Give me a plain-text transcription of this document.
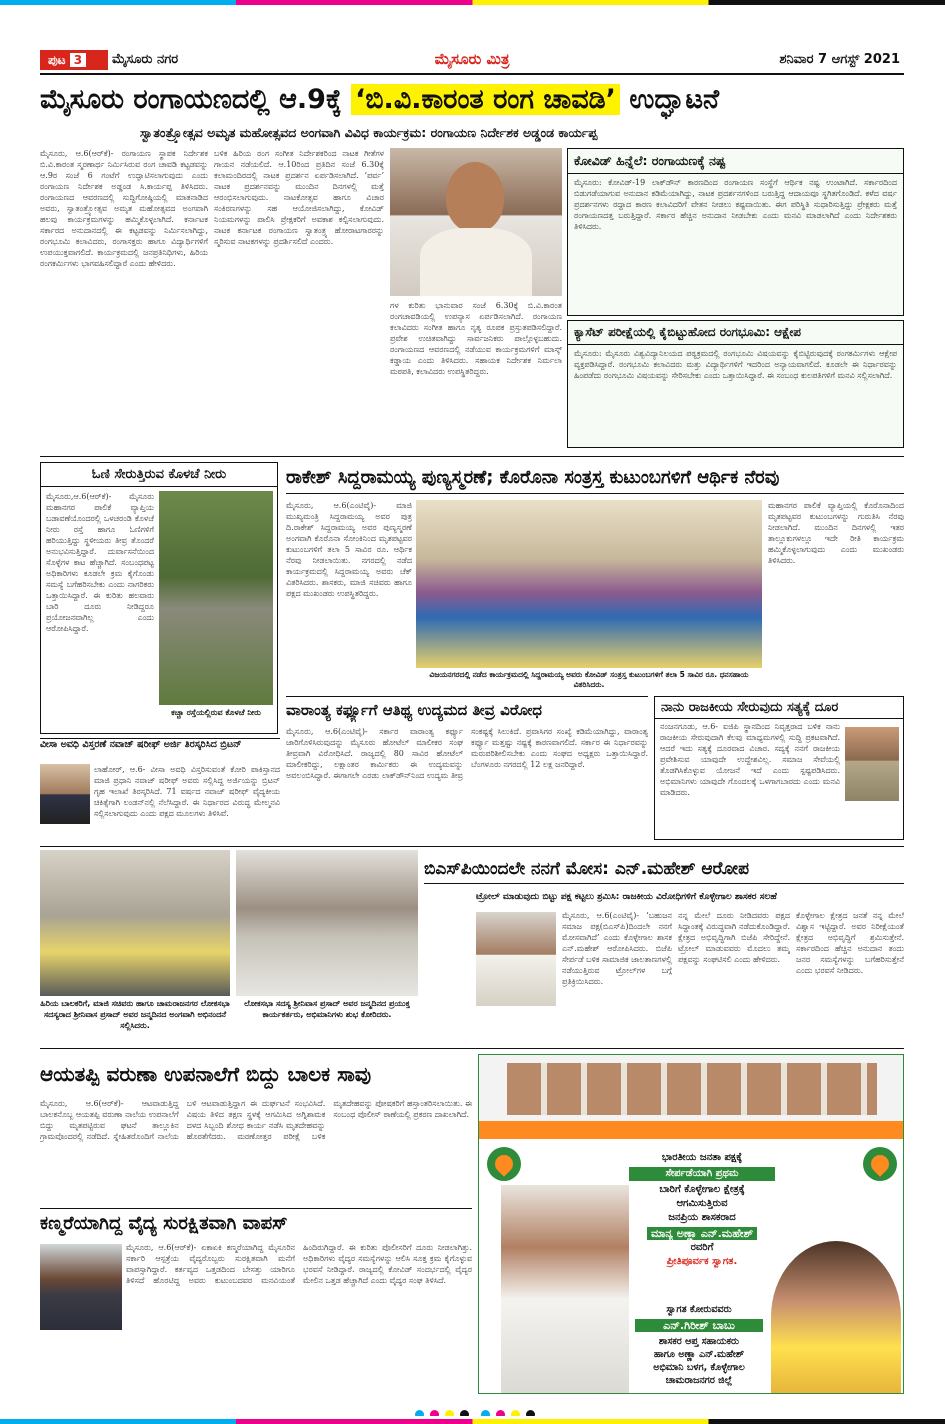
ಪುಟ 3	ಮೈಸೂರು ನಗರ	ಮೈಸೂರು ಮಿತ್ರ	ಶನಿವಾರ 7 ಆಗಸ್ಟ್ 2021
ಮೈಸೂರು ರಂಗಾಯಣದಲ್ಲಿ ಆ.9ಕ್ಕೆ ‘ಬಿ.ವಿ.ಕಾರಂತ ರಂಗ ಚಾವಡಿ’ ಉದ್ಘಾಟನೆ
ಸ್ವಾತಂತ್ರ್ಯೋತ್ಸವ ಅಮೃತ ಮಹೋತ್ಸವದ ಅಂಗವಾಗಿ ವಿವಿಧ ಕಾರ್ಯಕ್ರಮ: ರಂಗಾಯಣ ನಿರ್ದೇಶಕ ಅಡ್ಡಂಡ ಕಾರ್ಯಪ್ಪ
ಮೈಸೂರು, ಆ.6(ಆರ್‌ಕೆ)- ರಂಗಾಯಣ ಸ್ಥಾಪಕ ನಿರ್ದೇಶಕ ಬಿ.ವಿ.ಕಾರಂತ ಸ್ಮರಣಾರ್ಥ ನಿರ್ಮಿಸಿರುವ ರಂಗ ಚಾವಡಿ ಕಟ್ಟಡವನ್ನು ಆ.9ರ ಸಂಜೆ 6 ಗಂಟೆಗೆ ಉದ್ಘಾಟಿಸಲಾಗುವುದು ಎಂದು ರಂಗಾಯಣ ನಿರ್ದೇಶಕ ಅಡ್ಡಂಡ ಸಿ.ಕಾರ್ಯಪ್ಪ ತಿಳಿಸಿದರು. ರಂಗಾಯಣದ ಆವರಣದಲ್ಲಿ ಸುದ್ದಿಗೋಷ್ಠಿಯಲ್ಲಿ ಮಾತನಾಡಿದ ಅವರು, ಸ್ವಾತಂತ್ರ್ಯೋತ್ಸವ ಅಮೃತ ಮಹೋತ್ಸವದ ಅಂಗವಾಗಿ ಹಲವು ಕಾರ್ಯಕ್ರಮಗಳನ್ನು ಹಮ್ಮಿಕೊಳ್ಳಲಾಗಿದೆ. ಕರ್ನಾಟಕ ಸರ್ಕಾರದ ಅನುದಾನದಲ್ಲಿ ಈ ಕಟ್ಟಡವನ್ನು ನಿರ್ಮಿಸಲಾಗಿದ್ದು, ರಂಗಭೂಮಿ ಕಲಾವಿದರು, ರಂಗಾಸಕ್ತರು ಹಾಗೂ ವಿದ್ಯಾರ್ಥಿಗಳಿಗೆ ಉಪಯುಕ್ತವಾಗಲಿದೆ. ಕಾರ್ಯಕ್ರಮದಲ್ಲಿ ಜನಪ್ರತಿನಿಧಿಗಳು, ಹಿರಿಯ ರಂಗಕರ್ಮಿಗಳು ಭಾಗವಹಿಸಲಿದ್ದಾರೆ ಎಂದು ಹೇಳಿದರು.
ಬಳಿಕ ಹಿರಿಯ ರಂಗ ಸಂಗೀತ ನಿರ್ದೇಶಕರಿಂದ ನಾಟಕ ಗೀತೆಗಳ ಗಾಯನ ನಡೆಯಲಿದೆ. ಆ.10ರಿಂದ ಪ್ರತಿದಿನ ಸಂಜೆ 6.30ಕ್ಕೆ ಕಲಾಮಂದಿರದಲ್ಲಿ ನಾಟಕ ಪ್ರದರ್ಶನ ಏರ್ಪಡಿಸಲಾಗಿದೆ. ‘ಪರ್ವ’ ನಾಟಕ ಪ್ರದರ್ಶನವನ್ನು ಮುಂದಿನ ದಿನಗಳಲ್ಲಿ ಮತ್ತೆ ಆರಂಭಿಸಲಾಗುವುದು. ನಾಟಕೋತ್ಸವ ಹಾಗೂ ವಿಚಾರ ಸಂಕಿರಣಗಳನ್ನು ಸಹ ಆಯೋಜಿಸಲಾಗಿದ್ದು, ಕೋವಿಡ್ ನಿಯಮಗಳನ್ನು ಪಾಲಿಸಿ ಪ್ರೇಕ್ಷಕರಿಗೆ ಅವಕಾಶ ಕಲ್ಪಿಸಲಾಗುವುದು. ನಾಟಕ ಕರ್ನಾಟಕ ರಂಗಾಯಣ ಸ್ವಾತಂತ್ರ್ಯ ಹೋರಾಟಗಾರರನ್ನು ಸ್ಮರಿಸುವ ನಾಟಕಗಳನ್ನು ಪ್ರದರ್ಶಿಸಲಿದೆ ಎಂದರು.
ಗಳ ಕುರಿತು ಭಾನುವಾರ ಸಂಜೆ 6.30ಕ್ಕೆ ಬಿ.ವಿ.ಕಾರಂತ ರಂಗಚಾವಡಿಯಲ್ಲಿ ಉಪನ್ಯಾಸ ಏರ್ಪಡಿಸಲಾಗಿದೆ. ರಂಗಾಯಣ ಕಲಾವಿದರು ಸಂಗೀತ ಹಾಗೂ ನೃತ್ಯ ರೂಪಕ ಪ್ರಸ್ತುತಪಡಿಸಲಿದ್ದಾರೆ. ಪ್ರವೇಶ ಉಚಿತವಾಗಿದ್ದು ಸಾರ್ವಜನಿಕರು ಪಾಲ್ಗೊಳ್ಳಬಹುದು. ರಂಗಾಯಣದ ಆವರಣದಲ್ಲಿ ನಡೆಯುವ ಕಾರ್ಯಕ್ರಮಗಳಿಗೆ ಮಾಸ್ಕ್ ಕಡ್ಡಾಯ ಎಂದು ತಿಳಿಸಿದರು. ಸಹಾಯಕ ನಿರ್ದೇಶಕ ನಿರ್ಮಲಾ ಮಠಪತಿ, ಕಲಾವಿದರು ಉಪಸ್ಥಿತರಿದ್ದರು.
ಕೋವಿಡ್ ಹಿನ್ನೆಲೆ: ರಂಗಾಯಣಕ್ಕೆ ನಷ್ಟ
ಮೈಸೂರು: ಕೋವಿಡ್-19 ಲಾಕ್‌ಡೌನ್ ಕಾರಣದಿಂದ ರಂಗಾಯಣ ಸಂಸ್ಥೆಗೆ ಆರ್ಥಿಕ ನಷ್ಟ ಉಂಟಾಗಿದೆ. ಸರ್ಕಾರದಿಂದ ಬಿಡುಗಡೆಯಾಗುವ ಅನುದಾನ ಕಡಿಮೆಯಾಗಿದ್ದು, ನಾಟಕ ಪ್ರದರ್ಶನಗಳಿಂದ ಬರುತ್ತಿದ್ದ ಆದಾಯವೂ ಸ್ಥಗಿತಗೊಂಡಿದೆ. ಕಳೆದ ವರ್ಷ ಪ್ರದರ್ಶನಗಳು ರದ್ದಾದ ಕಾರಣ ಕಲಾವಿದರಿಗೆ ವೇತನ ನೀಡಲು ಕಷ್ಟವಾಯಿತು. ಈಗ ಪರಿಸ್ಥಿತಿ ಸುಧಾರಿಸುತ್ತಿದ್ದು ಪ್ರೇಕ್ಷಕರು ಮತ್ತೆ ರಂಗಾಯಣದತ್ತ ಬರುತ್ತಿದ್ದಾರೆ. ಸರ್ಕಾರ ಹೆಚ್ಚಿನ ಅನುದಾನ ನೀಡಬೇಕು ಎಂದು ಮನವಿ ಮಾಡಲಾಗಿದೆ ಎಂದು ನಿರ್ದೇಶಕರು ತಿಳಿಸಿದರು.
ಕ್ಯಾಸೆಟ್ ಪರೀಕ್ಷೆಯಲ್ಲಿ ಕೈಬಿಟ್ಟುಹೋದ ರಂಗಭೂಮಿ: ಆಕ್ಷೇಪ
ಮೈಸೂರು: ಮೈಸೂರು ವಿಶ್ವವಿದ್ಯಾನಿಲಯದ ಪಠ್ಯಕ್ರಮದಲ್ಲಿ ರಂಗಭೂಮಿ ವಿಷಯವನ್ನು ಕೈಬಿಟ್ಟಿರುವುದಕ್ಕೆ ರಂಗಕರ್ಮಿಗಳು ಆಕ್ಷೇಪ ವ್ಯಕ್ತಪಡಿಸಿದ್ದಾರೆ. ರಂಗಭೂಮಿ ಕಲಾವಿದರು ಮತ್ತು ವಿದ್ಯಾರ್ಥಿಗಳಿಗೆ ಇದರಿಂದ ಅನ್ಯಾಯವಾಗಲಿದೆ. ಕೂಡಲೇ ಈ ನಿರ್ಧಾರವನ್ನು ಹಿಂಪಡೆದು ರಂಗಭೂಮಿ ವಿಷಯವನ್ನು ಸೇರಿಸಬೇಕು ಎಂದು ಒತ್ತಾಯಿಸಿದ್ದಾರೆ. ಈ ಸಂಬಂಧ ಕುಲಪತಿಗಳಿಗೆ ಮನವಿ ಸಲ್ಲಿಸಲಾಗಿದೆ.
ಓಣಿ ಸೇರುತ್ತಿರುವ ಕೊಳಚೆ ನೀರು
ಮೈಸೂರು,ಆ.6(ಆರ್‌ಕೆ)- ಮೈಸೂರು ಮಹಾನಗರ ಪಾಲಿಕೆ ವ್ಯಾಪ್ತಿಯ ಬಡಾವಣೆಯೊಂದರಲ್ಲಿ ಒಳಚರಂಡಿ ಕೊಳಚೆ ನೀರು ರಸ್ತೆ ಹಾಗೂ ಓಣಿಗಳಿಗೆ ಹರಿಯುತ್ತಿದ್ದು ಸ್ಥಳೀಯರು ತೀವ್ರ ತೊಂದರೆ ಅನುಭವಿಸುತ್ತಿದ್ದಾರೆ. ದುರ್ವಾಸನೆಯಿಂದ ಸೊಳ್ಳೆಗಳ ಕಾಟ ಹೆಚ್ಚಾಗಿದೆ. ಸಂಬಂಧಪಟ್ಟ ಅಧಿಕಾರಿಗಳು ಕೂಡಲೇ ಕ್ರಮ ಕೈಗೊಂಡು ಸಮಸ್ಯೆ ಬಗೆಹರಿಸಬೇಕು ಎಂದು ನಾಗರಿಕರು ಒತ್ತಾಯಿಸಿದ್ದಾರೆ. ಈ ಕುರಿತು ಹಲವಾರು ಬಾರಿ ದೂರು ನೀಡಿದ್ದರೂ ಪ್ರಯೋಜನವಾಗಿಲ್ಲ ಎಂದು ಆರೋಪಿಸಿದ್ದಾರೆ.
ಕಚ್ಚಾ ರಸ್ತೆಯಲ್ಲಿರುವ ಕೊಳಚೆ ನೀರು
ರಾಕೇಶ್ ಸಿದ್ದರಾಮಯ್ಯ ಪುಣ್ಯಸ್ಮರಣೆ; ಕೊರೊನಾ ಸಂತ್ರಸ್ತ ಕುಟುಂಬಗಳಿಗೆ ಆರ್ಥಿಕ ನೆರವು
ಮೈಸೂರು, ಆ.6(ಎಂಟಿವೈ)- ಮಾಜಿ ಮುಖ್ಯಮಂತ್ರಿ ಸಿದ್ದರಾಮಯ್ಯ ಅವರ ಪುತ್ರ ದಿ.ರಾಕೇಶ್ ಸಿದ್ದರಾಮಯ್ಯ ಅವರ ಪುಣ್ಯಸ್ಮರಣೆ ಅಂಗವಾಗಿ ಕೊರೊನಾ ಸೋಂಕಿನಿಂದ ಮೃತಪಟ್ಟವರ ಕುಟುಂಬಗಳಿಗೆ ತಲಾ 5 ಸಾವಿರ ರೂ. ಆರ್ಥಿಕ ನೆರವು ನೀಡಲಾಯಿತು. ನಗರದಲ್ಲಿ ನಡೆದ ಕಾರ್ಯಕ್ರಮದಲ್ಲಿ ಸಿದ್ದರಾಮಯ್ಯ ಅವರು ಚೆಕ್ ವಿತರಿಸಿದರು. ಶಾಸಕರು, ಮಾಜಿ ಸಚಿವರು ಹಾಗೂ ಪಕ್ಷದ ಮುಖಂಡರು ಉಪಸ್ಥಿತರಿದ್ದರು.
ಮಹಾನಗರ ಪಾಲಿಕೆ ವ್ಯಾಪ್ತಿಯಲ್ಲಿ ಕೊರೊನಾದಿಂದ ಮೃತಪಟ್ಟವರ ಕುಟುಂಬಗಳನ್ನು ಗುರುತಿಸಿ ನೆರವು ನೀಡಲಾಗಿದೆ. ಮುಂದಿನ ದಿನಗಳಲ್ಲಿ ಇತರ ತಾಲ್ಲೂಕುಗಳಲ್ಲೂ ಇದೇ ರೀತಿ ಕಾರ್ಯಕ್ರಮ ಹಮ್ಮಿಕೊಳ್ಳಲಾಗುವುದು ಎಂದು ಮುಖಂಡರು ತಿಳಿಸಿದರು.
ವಿಜಯನಗರದಲ್ಲಿ ನಡೆದ ಕಾರ್ಯಕ್ರಮದಲ್ಲಿ ಸಿದ್ದರಾಮಯ್ಯ ಅವರು ಕೋವಿಡ್ ಸಂತ್ರಸ್ತ ಕುಟುಂಬಗಳಿಗೆ ತಲಾ 5 ಸಾವಿರ ರೂ. ಧನಸಹಾಯ ವಿತರಿಸಿದರು.
ವಾರಾಂತ್ಯ ಕರ್ಫ್ಯೂಗೆ ಆತಿಥ್ಯ ಉದ್ಯಮದ ತೀವ್ರ ವಿರೋಧ
ಮೈಸೂರು, ಆ.6(ಎಂಟಿವೈ)- ಸರ್ಕಾರ ವಾರಾಂತ್ಯ ಕರ್ಫ್ಯೂ ಜಾರಿಗೊಳಿಸಿರುವುದನ್ನು ಮೈಸೂರು ಹೋಟೆಲ್ ಮಾಲೀಕರ ಸಂಘ ತೀವ್ರವಾಗಿ ವಿರೋಧಿಸಿದೆ. ರಾಜ್ಯದಲ್ಲಿ 80 ಸಾವಿರ ಹೋಟೆಲ್ ಮಾಲೀಕರಿದ್ದು, ಲಕ್ಷಾಂತರ ಕಾರ್ಮಿಕರು ಈ ಉದ್ಯಮವನ್ನು ಅವಲಂಬಿಸಿದ್ದಾರೆ. ಈಗಾಗಲೇ ಎರಡು ಲಾಕ್‌ಡೌನ್‌ನಿಂದ ಉದ್ಯಮ ತೀವ್ರ ಸಂಕಷ್ಟಕ್ಕೆ ಸಿಲುಕಿದೆ. ಪ್ರವಾಸಿಗರ ಸಂಖ್ಯೆ ಕಡಿಮೆಯಾಗಿದ್ದು, ವಾರಾಂತ್ಯ ಕರ್ಫ್ಯೂ ಮತ್ತಷ್ಟು ನಷ್ಟಕ್ಕೆ ಕಾರಣವಾಗಲಿದೆ. ಸರ್ಕಾರ ಈ ನಿರ್ಧಾರವನ್ನು ಮರುಪರಿಶೀಲಿಸಬೇಕು ಎಂದು ಸಂಘದ ಅಧ್ಯಕ್ಷರು ಒತ್ತಾಯಿಸಿದ್ದಾರೆ. ಬೆಂಗಳೂರು ನಗರದಲ್ಲಿ 12 ಲಕ್ಷ ಜನರಿದ್ದಾರೆ.
ನಾನು ರಾಜಕೀಯ ಸೇರುವುದು ಸತ್ಯಕ್ಕೆ ದೂರ
ನಂಜನಗೂಡು, ಆ.6- ಐಜಿಪಿ ಸ್ಥಾನದಿಂದ ನಿವೃತ್ತರಾದ ಬಳಿಕ ನಾನು ರಾಜಕೀಯ ಸೇರುವುದಾಗಿ ಕೆಲವು ಮಾಧ್ಯಮಗಳಲ್ಲಿ ಸುದ್ದಿ ಪ್ರಕಟವಾಗಿದೆ. ಆದರೆ ಇದು ಸತ್ಯಕ್ಕೆ ದೂರವಾದ ವಿಚಾರ. ಸದ್ಯಕ್ಕೆ ನನಗೆ ರಾಜಕೀಯ ಪ್ರವೇಶಿಸುವ ಯಾವುದೇ ಉದ್ದೇಶವಿಲ್ಲ. ಸಮಾಜ ಸೇವೆಯಲ್ಲಿ ತೊಡಗಿಸಿಕೊಳ್ಳುವ ಯೋಜನೆ ಇದೆ ಎಂದು ಸ್ಪಷ್ಟಪಡಿಸಿದರು. ಅಭಿಮಾನಿಗಳು ಯಾವುದೇ ಗೊಂದಲಕ್ಕೆ ಒಳಗಾಗಬಾರದು ಎಂದು ಮನವಿ ಮಾಡಿದರು.
ವೀಸಾ ಅವಧಿ ವಿಸ್ತರಣೆ ನವಾಜ್ ಷರೀಫ್ ಅರ್ಜಿ ತಿರಸ್ಕರಿಸಿದ ಬ್ರಿಟನ್
ಲಾಹೋರ್, ಆ.6- ವೀಸಾ ಅವಧಿ ವಿಸ್ತರಿಸುವಂತೆ ಕೋರಿ ಪಾಕಿಸ್ತಾನದ ಮಾಜಿ ಪ್ರಧಾನಿ ನವಾಜ್ ಷರೀಫ್ ಅವರು ಸಲ್ಲಿಸಿದ್ದ ಅರ್ಜಿಯನ್ನು ಬ್ರಿಟನ್ ಗೃಹ ಇಲಾಖೆ ತಿರಸ್ಕರಿಸಿದೆ. 71 ವರ್ಷದ ನವಾಜ್ ಷರೀಫ್ ವೈದ್ಯಕೀಯ ಚಿಕಿತ್ಸೆಗಾಗಿ ಲಂಡನ್‌ನಲ್ಲಿ ನೆಲೆಸಿದ್ದಾರೆ. ಈ ನಿರ್ಧಾರದ ವಿರುದ್ಧ ಮೇಲ್ಮನವಿ ಸಲ್ಲಿಸಲಾಗುವುದು ಎಂದು ಪಕ್ಷದ ಮೂಲಗಳು ತಿಳಿಸಿವೆ.
ಹಿರಿಯ ಬಾಲಕರಿಗೆ, ಮಾಜಿ ಸಚಿವರು ಹಾಗೂ ಚಾಮರಾಜನಗರ ಲೋಕಸಭಾ ಸದಸ್ಯರಾದ ಶ್ರೀನಿವಾಸ ಪ್ರಸಾದ್ ಅವರ ಜನ್ಮದಿನದ ಅಂಗವಾಗಿ ಅಭಿನಂದನೆ ಸಲ್ಲಿಸಿದರು.
ಲೋಕಸಭಾ ಸದಸ್ಯ ಶ್ರೀನಿವಾಸ ಪ್ರಸಾದ್ ಅವರ ಜನ್ಮದಿನದ ಪ್ರಯುಕ್ತ ಕಾರ್ಯಕರ್ತರು, ಅಭಿಮಾನಿಗಳು ಶುಭ ಕೋರಿದರು.
ಬಿಎಸ್‌ಪಿಯಿಂದಲೇ ನನಗೆ ಮೋಸ: ಎನ್.ಮಹೇಶ್ ಆರೋಪ
ಟ್ರೋಲ್ ಮಾಡುವುದು ಬಿಟ್ಟು ಪಕ್ಷ ಕಟ್ಟಲು ಶ್ರಮಿಸಿ: ರಾಜಕೀಯ ವಿರೋಧಿಗಳಿಗೆ ಕೊಳ್ಳೇಗಾಲ ಶಾಸಕರ ಸಲಹೆ
ಮೈಸೂರು, ಆ.6(ಎಂಟಿವೈ)- ‘ಬಹುಜನ ಸಮಾಜ ಪಕ್ಷ(ಬಿಎಸ್‌ಪಿ)ದಿಂದಲೇ ನನಗೆ ಮೋಸವಾಗಿದೆ’ ಎಂದು ಕೊಳ್ಳೇಗಾಲ ಶಾಸಕ ಎನ್.ಮಹೇಶ್ ಆರೋಪಿಸಿದರು. ಬಿಜೆಪಿ ಸೇರ್ಪಡೆ ಬಳಿಕ ಸಾಮಾಜಿಕ ಜಾಲತಾಣಗಳಲ್ಲಿ ನಡೆಯುತ್ತಿರುವ ಟ್ರೋಲ್‌ಗಳ ಬಗ್ಗೆ ಪ್ರತಿಕ್ರಿಯಿಸಿದರು.
ನನ್ನ ಮೇಲೆ ದೂರು ನೀಡಿದವರು ಪಕ್ಷದ ಸಿದ್ಧಾಂತಕ್ಕೆ ವಿರುದ್ಧವಾಗಿ ನಡೆದುಕೊಂಡಿದ್ದಾರೆ. ಕ್ಷೇತ್ರದ ಅಭಿವೃದ್ಧಿಗಾಗಿ ಬಿಜೆಪಿ ಸೇರಿದ್ದೇನೆ. ಟ್ರೋಲ್ ಮಾಡುವವರು ಮೊದಲು ತಮ್ಮ ಪಕ್ಷವನ್ನು ಸಂಘಟಿಸಲಿ ಎಂದು ಹೇಳಿದರು.
ಕೊಳ್ಳೇಗಾಲ ಕ್ಷೇತ್ರದ ಜನತೆ ನನ್ನ ಮೇಲೆ ವಿಶ್ವಾಸ ಇಟ್ಟಿದ್ದಾರೆ. ಅವರ ನಿರೀಕ್ಷೆಯಂತೆ ಕ್ಷೇತ್ರದ ಅಭಿವೃದ್ಧಿಗೆ ಶ್ರಮಿಸುತ್ತೇನೆ. ಸರ್ಕಾರದಿಂದ ಹೆಚ್ಚಿನ ಅನುದಾನ ತಂದು ಜನರ ಸಮಸ್ಯೆಗಳನ್ನು ಬಗೆಹರಿಸುತ್ತೇನೆ ಎಂದು ಭರವಸೆ ನೀಡಿದರು.
ಆಯತಪ್ಪಿ ವರುಣಾ ಉಪನಾಲೆಗೆ ಬಿದ್ದು ಬಾಲಕ ಸಾವು
ಮೈಸೂರು, ಆ.6(ಆರ್‌ಕೆ)- ಆಟವಾಡುತ್ತಿದ್ದ ಬಾಲಕನೊಬ್ಬ ಆಯತಪ್ಪಿ ವರುಣಾ ನಾಲೆಯ ಉಪನಾಲೆಗೆ ಬಿದ್ದು ಮೃತಪಟ್ಟಿರುವ ಘಟನೆ ತಾಲ್ಲೂಕಿನ ಗ್ರಾಮವೊಂದರಲ್ಲಿ ನಡೆದಿದೆ. ಸ್ನೇಹಿತರೊಂದಿಗೆ ನಾಲೆಯ ಬಳಿ ಆಟವಾಡುತ್ತಿದ್ದಾಗ ಈ ದುರ್ಘಟನೆ ಸಂಭವಿಸಿದೆ. ವಿಷಯ ತಿಳಿದ ತಕ್ಷಣ ಸ್ಥಳಕ್ಕೆ ಆಗಮಿಸಿದ ಅಗ್ನಿಶಾಮಕ ದಳದ ಸಿಬ್ಬಂದಿ ಶೋಧ ಕಾರ್ಯ ನಡೆಸಿ ಮೃತದೇಹವನ್ನು ಹೊರತೆಗೆದರು. ಮರಣೋತ್ತರ ಪರೀಕ್ಷೆ ಬಳಿಕ ಮೃತದೇಹವನ್ನು ಪೋಷಕರಿಗೆ ಹಸ್ತಾಂತರಿಸಲಾಯಿತು. ಈ ಸಂಬಂಧ ಪೊಲೀಸ್ ಠಾಣೆಯಲ್ಲಿ ಪ್ರಕರಣ ದಾಖಲಾಗಿದೆ.
ಕಣ್ಮರೆಯಾಗಿದ್ದ ವೈದ್ಯ ಸುರಕ್ಷಿತವಾಗಿ ವಾಪಸ್
ಮೈಸೂರು, ಆ.6(ಆರ್‌ಕೆ)- ಏಕಾಏಕಿ ಕಣ್ಮರೆಯಾಗಿದ್ದ ಮೈಸೂರಿನ ಸರ್ಕಾರಿ ಆಸ್ಪತ್ರೆಯ ವೈದ್ಯರೊಬ್ಬರು ಸುರಕ್ಷಿತವಾಗಿ ಮನೆಗೆ ವಾಪಸ್ಸಾಗಿದ್ದಾರೆ. ಕರ್ತವ್ಯದ ಒತ್ತಡದಿಂದ ಬೇಸತ್ತು ಯಾರಿಗೂ ತಿಳಿಸದೆ ಹೊರಟಿದ್ದ ಅವರು ಕುಟುಂಬದವರ ಮನವಿಯಂತೆ ಹಿಂದಿರುಗಿದ್ದಾರೆ. ಈ ಕುರಿತು ಪೊಲೀಸರಿಗೆ ದೂರು ನೀಡಲಾಗಿತ್ತು. ಅಧಿಕಾರಿಗಳು ವೈದ್ಯರ ಸಮಸ್ಯೆಗಳನ್ನು ಆಲಿಸಿ ಸೂಕ್ತ ಕ್ರಮ ಕೈಗೊಳ್ಳುವ ಭರವಸೆ ನೀಡಿದ್ದಾರೆ. ರಾಜ್ಯದಲ್ಲಿ ಕೋವಿಡ್ ಸಂದರ್ಭದಲ್ಲಿ ವೈದ್ಯರ ಮೇಲಿನ ಒತ್ತಡ ಹೆಚ್ಚಾಗಿದೆ ಎಂದು ವೈದ್ಯರ ಸಂಘ ತಿಳಿಸಿದೆ.
ಭಾರತೀಯ ಜನತಾ ಪಕ್ಷಕ್ಕೆ
ಸೇರ್ಪಡೆಯಾಗಿ ಪ್ರಥಮ
ಬಾರಿಗೆ ಕೊಳ್ಳೇಗಾಲ ಕ್ಷೇತ್ರಕ್ಕೆ
ಆಗಮಿಸುತ್ತಿರುವ
ಜನಪ್ರಿಯ ಶಾಸಕರಾದ
ಮಾನ್ಯ ಅಣ್ಣಾ ಎನ್.ಮಹೇಶ್
ರವರಿಗೆ
ಪ್ರೀತಿಪೂರ್ವಕ ಸ್ವಾಗತ.
ಸ್ವಾಗತ ಕೋರುವವರು
ಎನ್.ಗಿರೀಶ್ ಬಾಬು
ಶಾಸಕರ ಆಪ್ತ ಸಹಾಯಕರು
ಹಾಗೂ ಅಣ್ಣಾ ಎನ್.ಮಹೇಶ್
ಅಭಿಮಾನಿ ಬಳಗ, ಕೊಳ್ಳೇಗಾಲ
ಚಾಮರಾಜನಗರ ಜಿಲ್ಲೆ
